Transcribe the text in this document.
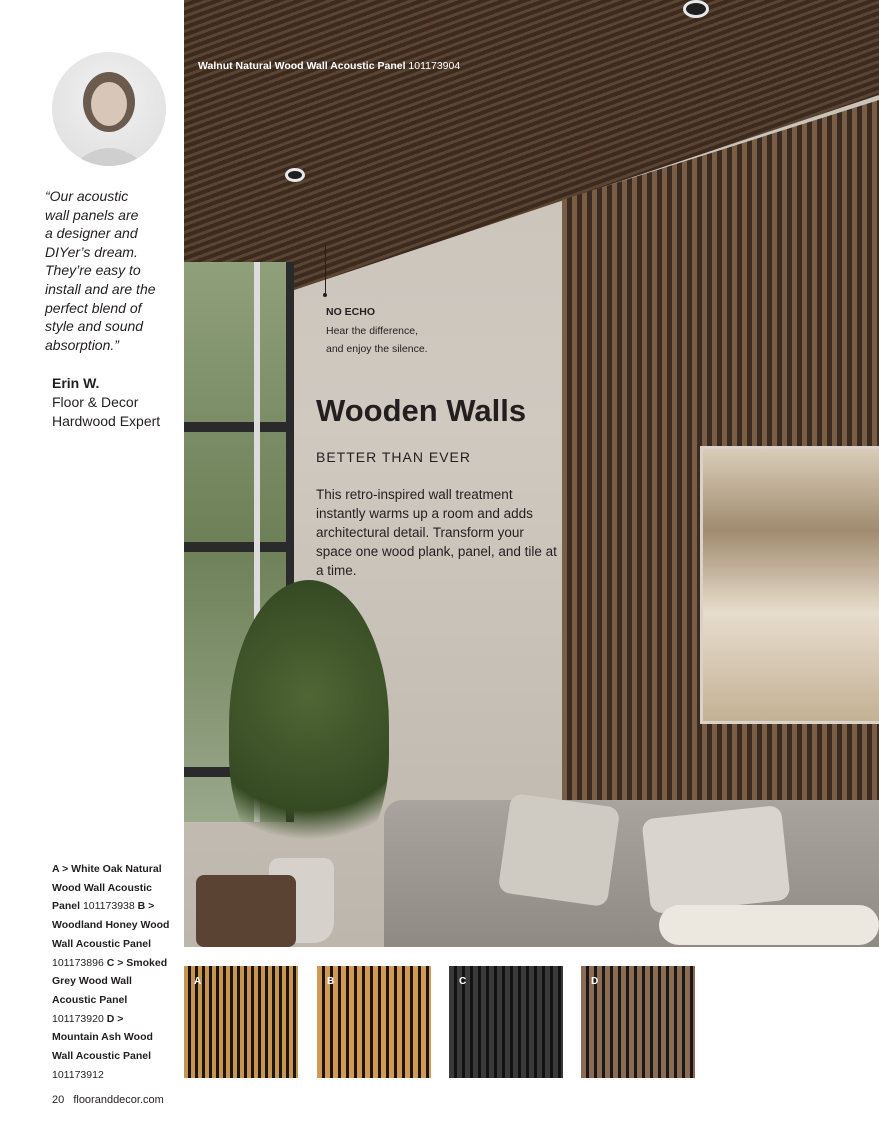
“Our acoustic
wall panels are
a designer and
DIYer’s dream.
They’re easy to
install and are the
perfect blend of
style and sound
absorption.”
Erin W.
Floor & Decor
Hardwood Expert
A > White Oak Natural Wood Wall Acoustic Panel 101173938 B > Woodland Honey Wood Wall Acoustic Panel 101173896 C > Smoked Grey Wood Wall Acoustic Panel 101173920 D > Mountain Ash Wood Wall Acoustic Panel 101173912
20 flooranddecor.com
Walnut Natural Wood Wall Acoustic Panel 101173904
NO ECHO
Hear the difference,
and enjoy the silence.
Wooden Walls
BETTER THAN EVER
This retro-inspired wall treatment instantly warms up a room and adds architectural detail. Transform your space one wood plank, panel, and tile at a time.
A	B	C	D
